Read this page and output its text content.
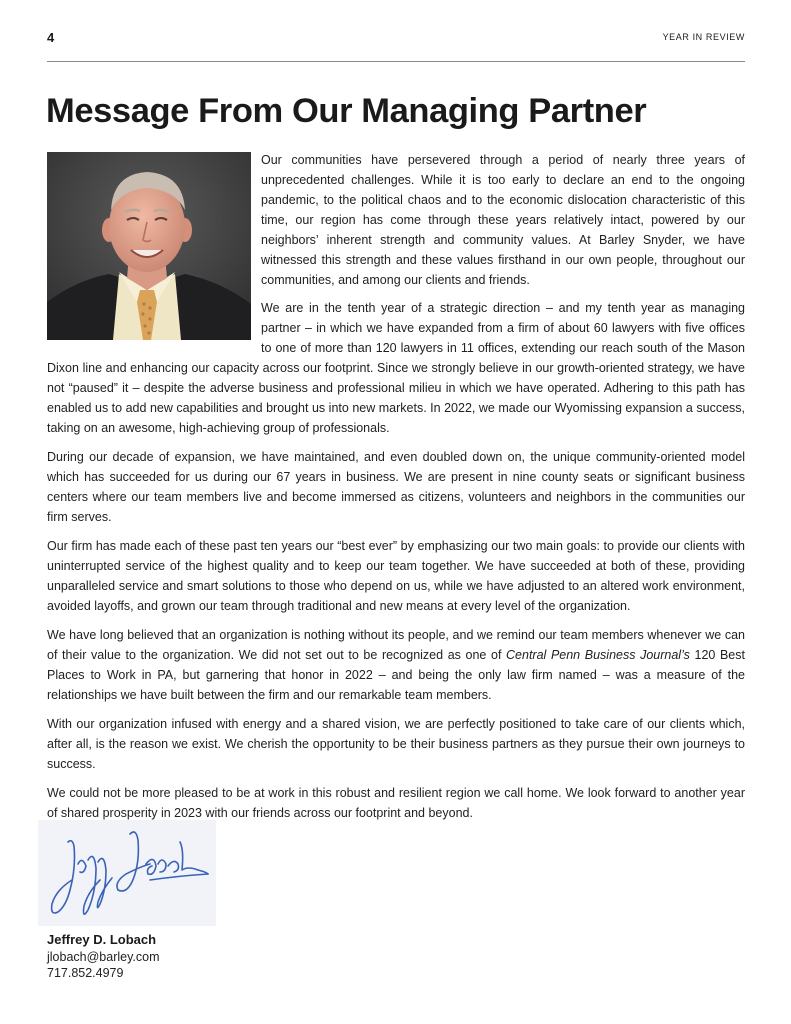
4	YEAR IN REVIEW
Message From Our Managing Partner

Our communities have persevered through a period of nearly three years of unprecedented challenges. While it is too early to declare an end to the ongoing pandemic, to the political chaos and to the economic dislocation characteristic of this time, our region has come through these years relatively intact, powered by our neighbors’ inherent strength and community values. At Barley Snyder, we have witnessed this strength and these values firsthand in our own people, throughout our communities, and among our clients and friends.

We are in the tenth year of a strategic direction – and my tenth year as managing partner – in which we have expanded from a firm of about 60 lawyers with five offices to one of more than 120 lawyers in 11 offices, extending our reach south of the Mason Dixon line and enhancing our capacity across our footprint. Since we strongly believe in our growth-oriented strategy, we have not “paused” it – despite the adverse business and professional milieu in which we have operated. Adhering to this path has enabled us to add new capabilities and brought us into new markets. In 2022, we made our Wyomissing expansion a success, taking on an awesome, high-achieving group of professionals.

During our decade of expansion, we have maintained, and even doubled down on, the unique community-oriented model which has succeeded for us during our 67 years in business. We are present in nine county seats or significant business centers where our team members live and become immersed as citizens, volunteers and neighbors in the communities our firm serves.

Our firm has made each of these past ten years our “best ever” by emphasizing our two main goals: to provide our clients with uninterrupted service of the highest quality and to keep our team together. We have succeeded at both of these, providing unparalleled service and smart solutions to those who depend on us, while we have adjusted to an altered work environment, avoided layoffs, and grown our team through traditional and new means at every level of the organization.

We have long believed that an organization is nothing without its people, and we remind our team members whenever we can of their value to the organization. We did not set out to be recognized as one of Central Penn Business Journal’s 120 Best Places to Work in PA, but garnering that honor in 2022 – and being the only law firm named – was a measure of the relationships we have built between the firm and our remarkable team members.

With our organization infused with energy and a shared vision, we are perfectly positioned to take care of our clients which, after all, is the reason we exist. We cherish the opportunity to be their business partners as they pursue their own journeys to success.

We could not be more pleased to be at work in this robust and resilient region we call home. We look forward to another year of shared prosperity in 2023 with our friends across our footprint and beyond.

Jeffrey D. Lobach
jlobach@barley.com
717.852.4979
